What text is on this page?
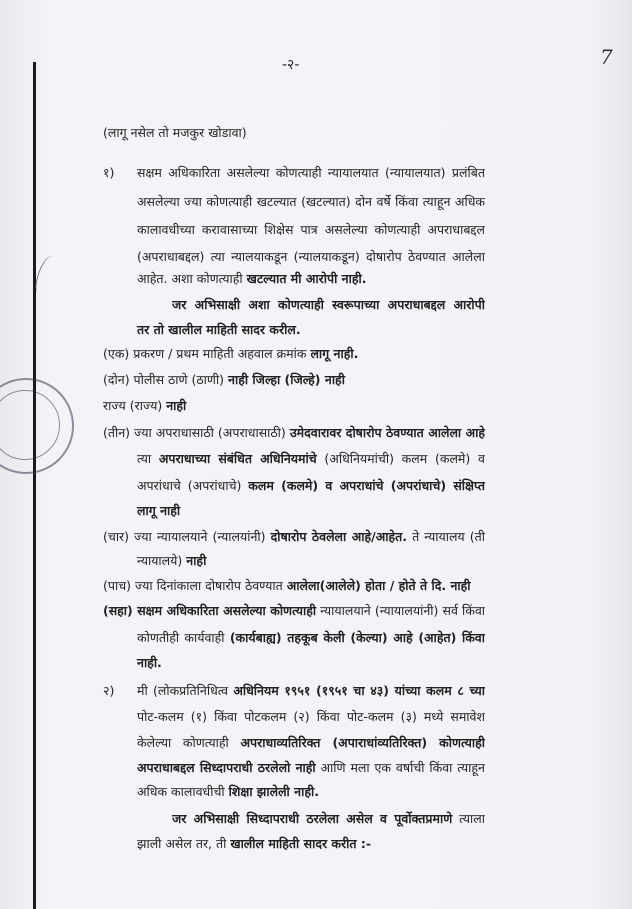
-२-	7
(लागू नसेल तो मजकुर खोडावा)
१) सक्षम अधिकारिता असलेल्या कोणत्याही न्यायालयात (न्यायालयात) प्रलंबित
असलेल्या ज्या कोणत्याही खटल्यात (खटल्यात) दोन वर्षे किंवा त्याहून अधिक
कालावधीच्या करावासाच्या शिक्षेस पात्र असलेल्या कोणत्याही अपराधाबद्दल
(अपराधाबद्दल) त्या न्यालयाकडून (न्यालयाकडून) दोषारोप ठेवण्यात आलेला
आहेत. अशा कोणत्याही खटल्यात मी आरोपी नाही.
जर अभिसाक्षी अशा कोणत्याही स्वरूपाच्या अपराधाबद्दल आरोपी
तर तो खालील माहिती सादर करील.
(एक) प्रकरण / प्रथम माहिती अहवाल क्रमांक लागू नाही.
(दोन) पोलीस ठाणे (ठाणी) नाही जिल्हा (जिल्हे) नाही
राज्य (राज्य) नाही
(तीन) ज्या अपराधासाठी (अपराधासाठी) उमेदवारावर दोषारोप ठेवण्यात आलेला आहे
त्या अपराधाच्या संबंधित अधिनियमांचे (अधिनियमांची) कलम (कलमे) व
अपरांधाचे (अपरांधाचे) कलम (कलमे) व अपराधांचे (अपरांधाचे) संक्षिप्त
लागू नाही
(चार) ज्या न्यायालयाने (न्यालयांनी) दोषारोप ठेवलेला आहे/आहेत. ते न्यायालय (ती
न्यायालये) नाही
(पाच) ज्या दिनांकाला दोषारोप ठेवण्यात आलेला(आलेले) होता / होते ते दि. नाही
(सहा) सक्षम अधिकारिता असलेल्या कोणत्याही न्यायालयाने (न्यायालयांनी) सर्व किंवा
कोणतीही कार्यवाही (कार्यबाह्य) तहकूब केली (केल्या) आहे (आहेत) किंवा
नाही.
२) मी (लोकप्रतिनिधित्व अधिनियम १९५१ (१९५१ चा ४३) यांच्या कलम ८ च्या
पोट-कलम (१) किंवा पोटकलम (२) किंवा पोट-कलम (३) मध्ये समावेश
केलेल्या कोणत्याही अपराधाव्यतिरिक्त (अपाराधांव्यतिरिक्त) कोणत्याही
अपराधाबद्दल सिध्दापराधी ठरलेलो नाही आणि मला एक वर्षाची किंवा त्याहून
अधिक कालावधीची शिक्षा झालेली नाही.
जर अभिसाक्षी सिध्दापराधी ठरलेला असेल व पूर्वोक्तप्रमाणे त्याला
झाली असेल तर, ती खालील माहिती सादर करीत :-
